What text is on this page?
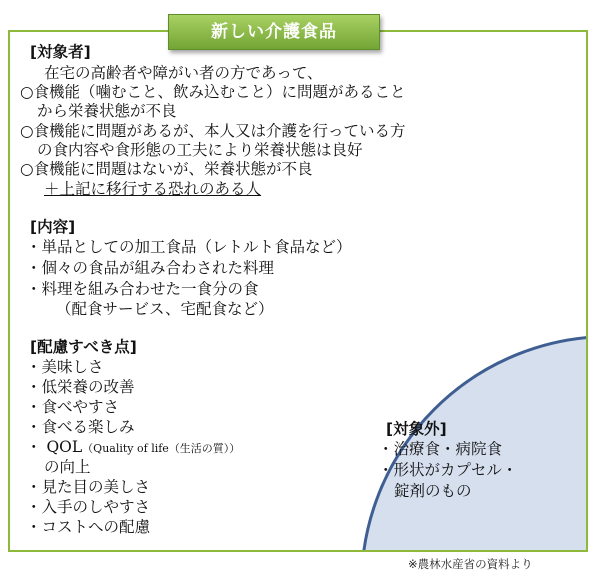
新しい介護食品
[対象者]
在宅の高齢者や障がい者の方であって、
○食機能（噛むこと、飲み込むこと）に問題があること
から栄養状態が不良
○食機能に問題があるが、本人又は介護を行っている方
の食内容や食形態の工夫により栄養状態は良好
○食機能に問題はないが、栄養状態が不良
＋上記に移行する恐れのある人
[内容]
・単品としての加工食品（レトルト食品など）
・個々の食品が組み合わされた料理
・料理を組み合わせた一食分の食
（配食サービス、宅配食など）
[配慮すべき点]
・美味しさ
・低栄養の改善
・食べやすさ
・食べる楽しみ
・ QOL（Quality of life（生活の質））
の向上
・見た目の美しさ
・入手のしやすさ
・コストへの配慮
[対象外]
・治療食・病院食
・形状がカプセル・
錠剤のもの
※農林水産省の資料より
